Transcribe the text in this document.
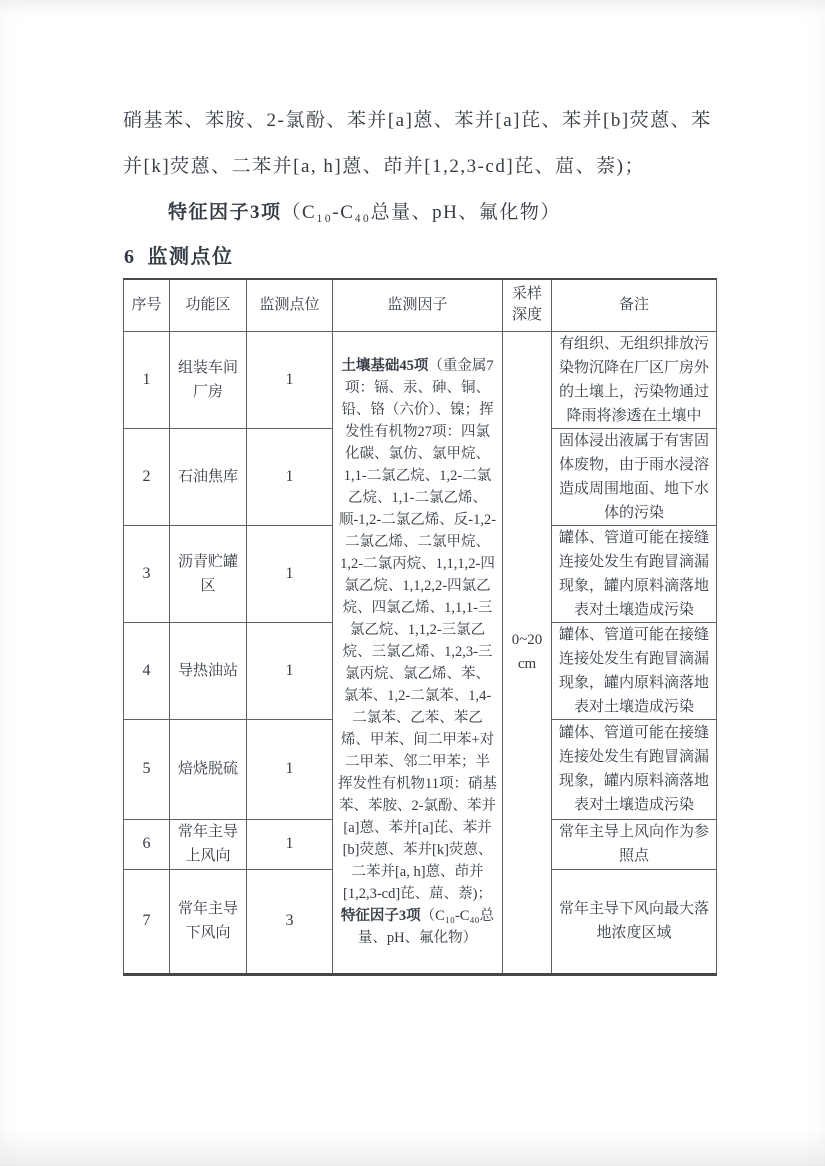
硝基苯、苯胺、2-氯酚、苯并[a]蒽、苯并[a]芘、苯并[b]荧蒽、苯
并[k]荧蒽、二苯并[a, h]蒽、茚并[1,2,3-cd]芘、䓛、萘)；
特征因子3项（C₁₀-C₄₀总量、pH、氟化物）
6 监测点位
序号	功能区	监测点位	监测因子	采样深度	备注
1	组装车间厂房	1	土壤基础45项（重金属7项：镉、汞、砷、铜、铅、铬（六价）、镍；挥发性有机物27项：四氯化碳、氯仿、氯甲烷、1,1-二氯乙烷、1,2-二氯乙烷、1,1-二氯乙烯、顺-1,2-二氯乙烯、反-1,2-二氯乙烯、二氯甲烷、1,2-二氯丙烷、1,1,1,2-四氯乙烷、1,1,2,2-四氯乙烷、四氯乙烯、1,1,1-三氯乙烷、1,1,2-三氯乙烷、三氯乙烯、1,2,3-三氯丙烷、氯乙烯、苯、氯苯、1,2-二氯苯、1,4-二氯苯、乙苯、苯乙烯、甲苯、间二甲苯+对二甲苯、邻二甲苯；半挥发性有机物11项：硝基苯、苯胺、2-氯酚、苯并[a]蒽、苯并[a]芘、苯并[b]荧蒽、苯并[k]荧蒽、二苯并[a, h]蒽、茚并[1,2,3-cd]芘、䓛、萘)；特征因子3项（C₁₀-C₄₀总量、pH、氟化物）	0~20 cm	有组织、无组织排放污染物沉降在厂区厂房外的土壤上，污染物通过降雨将渗透在土壤中
2	石油焦库	1			固体浸出液属于有害固体废物，由于雨水浸溶造成周围地面、地下水体的污染
3	沥青贮罐区	1			罐体、管道可能在接缝连接处发生有跑冒滴漏现象，罐内原料滴落地表对土壤造成污染
4	导热油站	1			罐体、管道可能在接缝连接处发生有跑冒滴漏现象，罐内原料滴落地表对土壤造成污染
5	焙烧脱硫	1			罐体、管道可能在接缝连接处发生有跑冒滴漏现象，罐内原料滴落地表对土壤造成污染
6	常年主导上风向	1			常年主导上风向作为参照点
7	常年主导下风向	3			常年主导下风向最大落地浓度区域
